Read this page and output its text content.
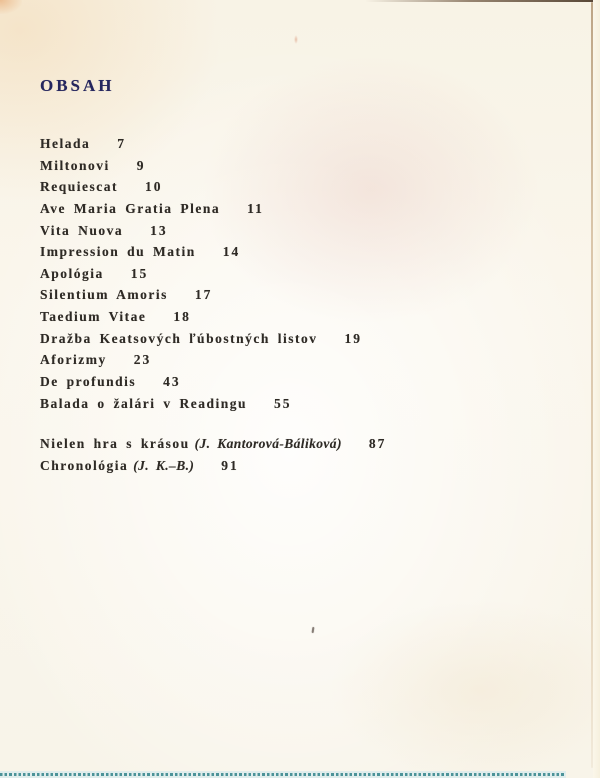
OBSAH
Helada 7
Miltonovi 9
Requiescat 10
Ave Maria Gratia Plena 11
Vita Nuova 13
Impression du Matin 14
Apológia 15
Silentium Amoris 17
Taedium Vitae 18
Dražba Keatsových ľúbostných listov 19
Aforizmy 23
De profundis 43
Balada o žalári v Readingu 55
Nielen hra s krásou (J. Kantorová-Báliková) 87
Chronológia (J. K.–B.) 91
